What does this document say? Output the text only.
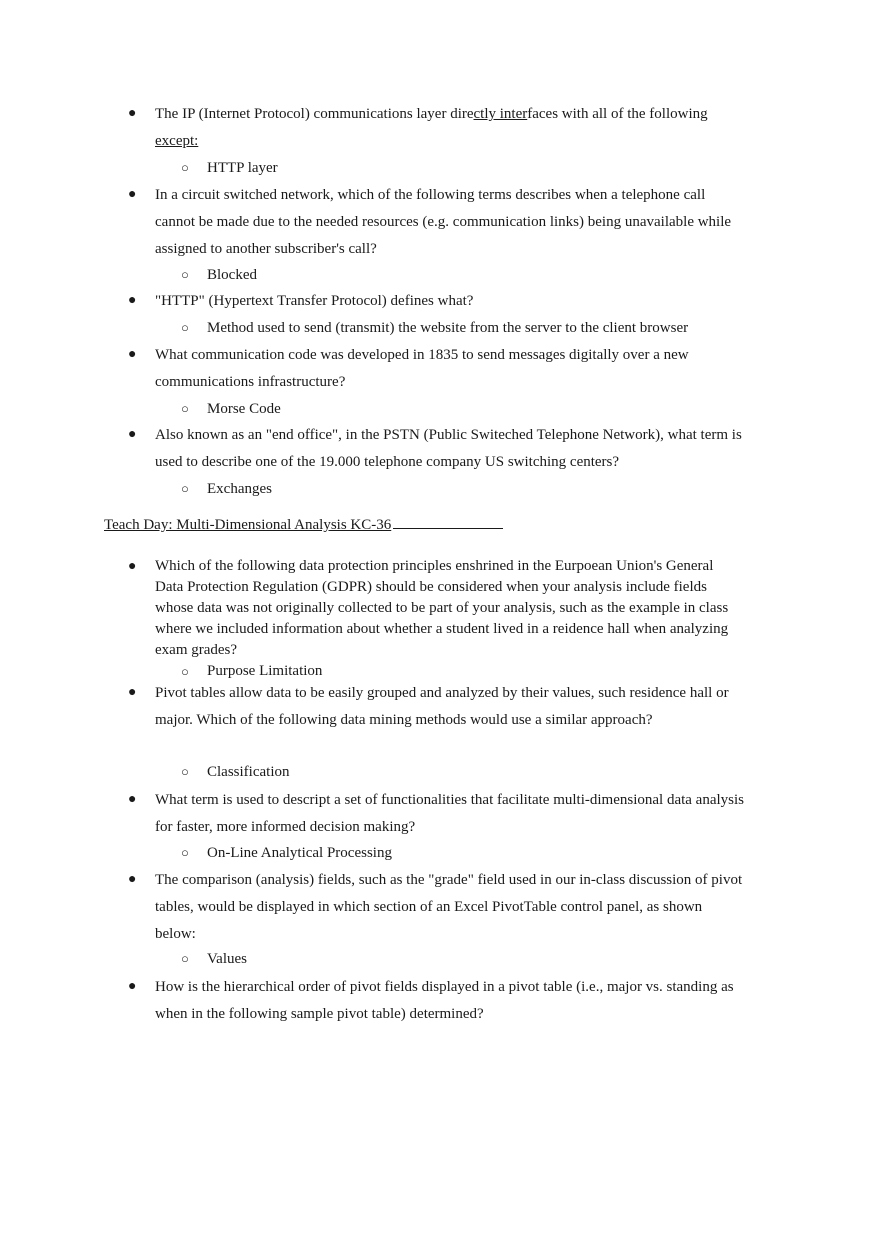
● The IP (Internet Protocol) communications layer directly interfaces with all of the following except:

○ HTTP layer

● In a circuit switched network, which of the following terms describes when a telephone call cannot be made due to the needed resources (e.g. communication links) being unavailable while assigned to another subscriber's call?

○ Blocked

● "HTTP" (Hypertext Transfer Protocol) defines what?

○ Method used to send (transmit) the website from the server to the client browser

● What communication code was developed in 1835 to send messages digitally over a new communications infrastructure?

○ Morse Code

● Also known as an "end office", in the PSTN (Public Switeched Telephone Network), what term is used to describe one of the 19.000 telephone company US switching centers?

○ Exchanges

Teach Day: Multi-Dimensional Analysis KC-36

● Which of the following data protection principles enshrined in the Eurpoean Union's General Data Protection Regulation (GDPR) should be considered when your analysis include fields whose data was not originally collected to be part of your analysis, such as the example in class where we included information about whether a student lived in a reidence hall when analyzing exam grades?

○ Purpose Limitation

● Pivot tables allow data to be easily grouped and analyzed by their values, such residence hall or major. Which of the following data mining methods would use a similar approach?

○ Classification

● What term is used to descript a set of functionalities that facilitate multi-dimensional data analysis for faster, more informed decision making?

○ On-Line Analytical Processing

● The comparison (analysis) fields, such as the "grade" field used in our in-class discussion of pivot tables, would be displayed in which section of an Excel PivotTable control panel, as shown below:

○ Values

● How is the hierarchical order of pivot fields displayed in a pivot table (i.e., major vs. standing as when in the following sample pivot table) determined?
